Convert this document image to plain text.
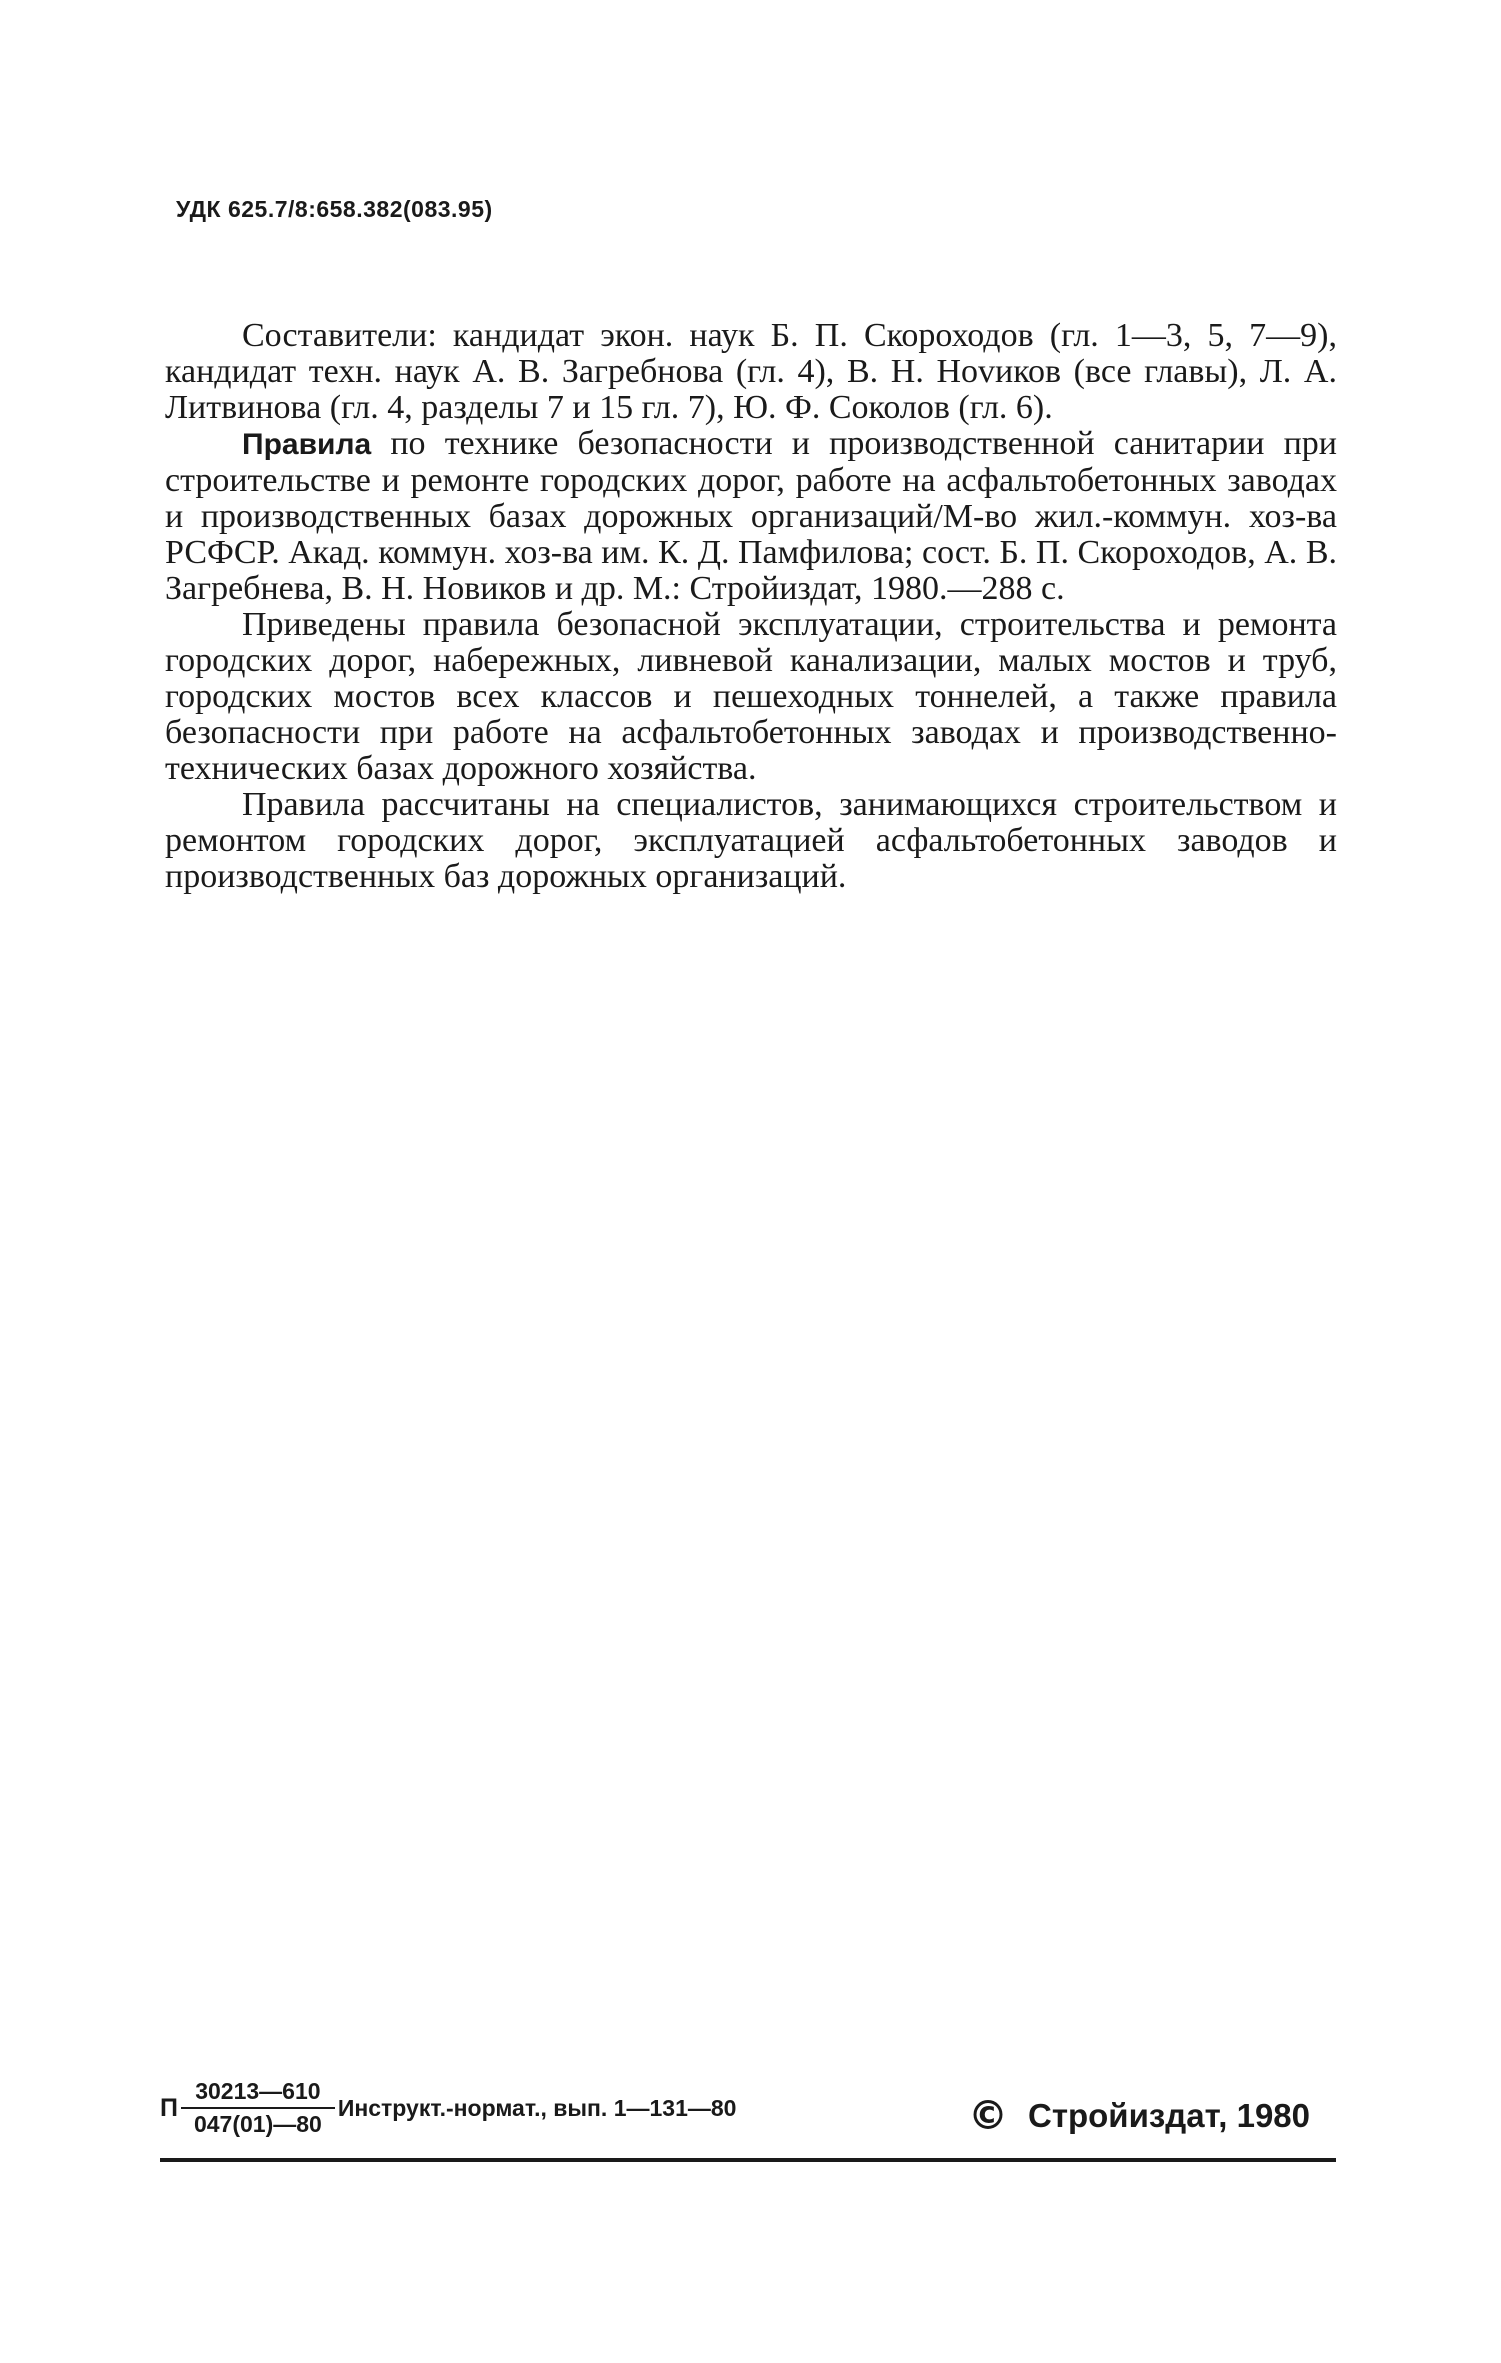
УДК 625.7/8:658.382(083.95)

Составители: кандидат экон. наук Б. П. Скороходов (гл. 1—3, 5, 7—9), кандидат техн. наук А. В. Загребнова (гл. 4), В. Н. Ноvиков (все главы), Л. А. Литвинова (гл. 4, разделы 7 и 15 гл. 7), Ю. Ф. Соколов (гл. 6).

Правила по технике безопасности и производственной санитарии при строительстве и ремонте городских дорог, работе на асфальтобетонных заводах и производственных базах дорожных организаций/М-во жил.-коммун. хоз-ва РСФСР. Акад. коммун. хоз-ва им. К. Д. Памфилова; сост. Б. П. Скороходов, А. В. Загребнева, В. Н. Новиков и др. М.: Стройиздат, 1980.—288 с.

Приведены правила безопасной эксплуатации, строительства и ремонта городских дорог, набережных, ливневой канализации, малых мостов и труб, городских мостов всех классов и пешеходных тоннелей, а также правила безопасности при работе на асфальтобетонных заводах и производственно-технических базах дорожного хозяйства.

Правила рассчитаны на специалистов, занимающихся строительством и ремонтом городских дорог, эксплуатацией асфальтобетонных заводов и производственных баз дорожных организаций.

П $\frac{30213—610}{047(01)—80}$ Инструкт.-нормат., вып. 1—131—80	© Стройиздат, 1980
